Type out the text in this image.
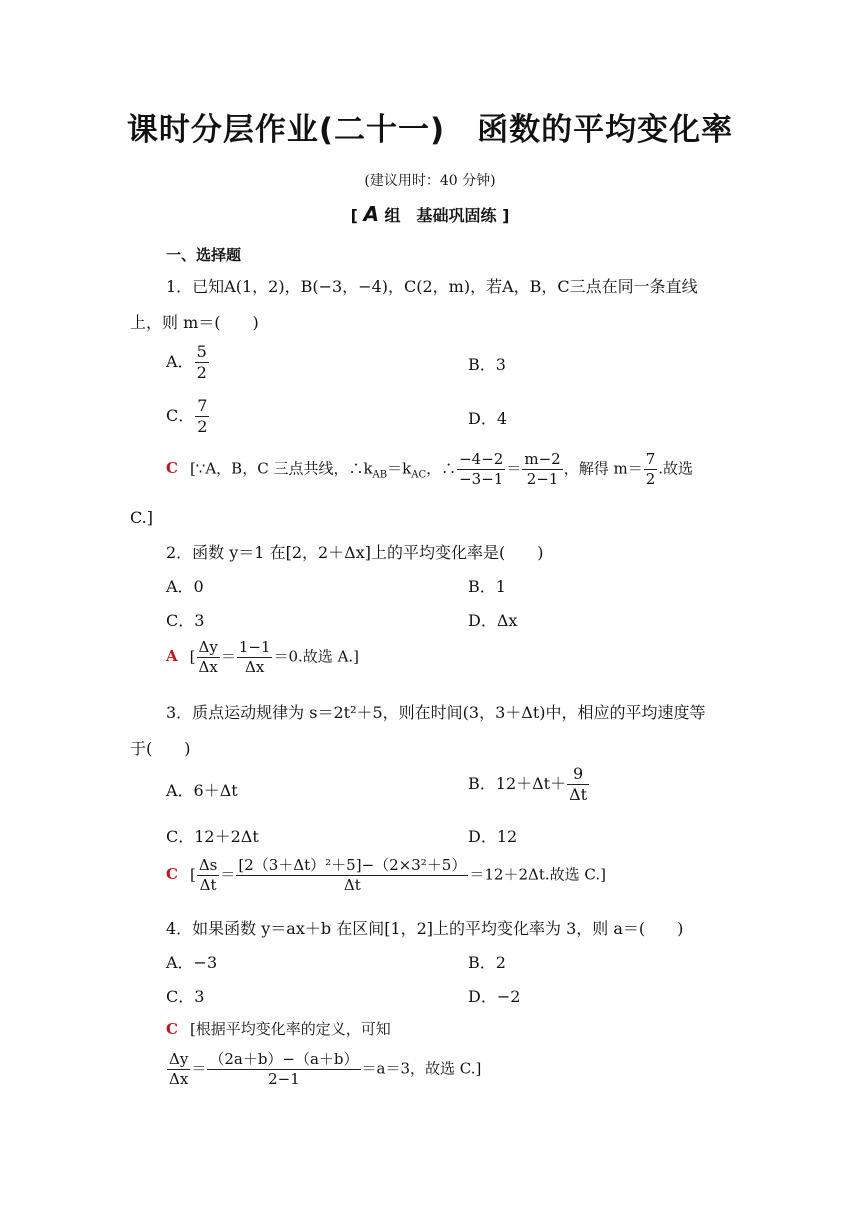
课时分层作业(二十一)　函数的平均变化率
(建议用时：40 分钟)
[ A 组　基础巩固练 ]
一、选择题
1．已知A(1，2)，B(−3，−4)，C(2，m)，若A，B，C三点在同一条直线
上，则 m＝(　　)
A． $\frac{5}{2}$	B．3
C． $\frac{7}{2}$	D．4
C [∵A，B，C 三点共线，$\therefore k_{AB}=k_{AC}$，∴ $\frac{-4-2}{-3-1} = \frac{m-2}{2-1}$ ，解得 $m= \frac{7}{2}$ .故选
C.]
2．函数 y＝1 在[2，2＋Δx]上的平均变化率是(　　)
A．0	B．1
C．3	D．Δx
A [ $\frac{\Delta y}{\Delta x} = \frac{1-1}{\Delta x} =0$.故选 A.]
3．质点运动规律为 s＝2t²＋5，则在时间(3，3＋Δt)中，相应的平均速度等
于(　　)
A．6＋Δt	B．$12+\Delta t+ \frac{9}{\Delta t}$
C．12＋2Δt	D．12
C [ $\frac{\Delta s}{\Delta t} = \frac{\text{[2（3＋Δt）²＋5]−（2×3²＋5）}}{\Delta t} =12+2\Delta t$.故选 C.]
4．如果函数 y＝ax＋b 在区间[1，2]上的平均变化率为 3，则 a＝(　　)
A．−3	B．2
C．3	D．−2
C [根据平均变化率的定义，可知
$\frac{\Delta y}{\Delta x} = \frac{(2a+b)-(a+b)}{2-1} =a=3$，故选 C.]
